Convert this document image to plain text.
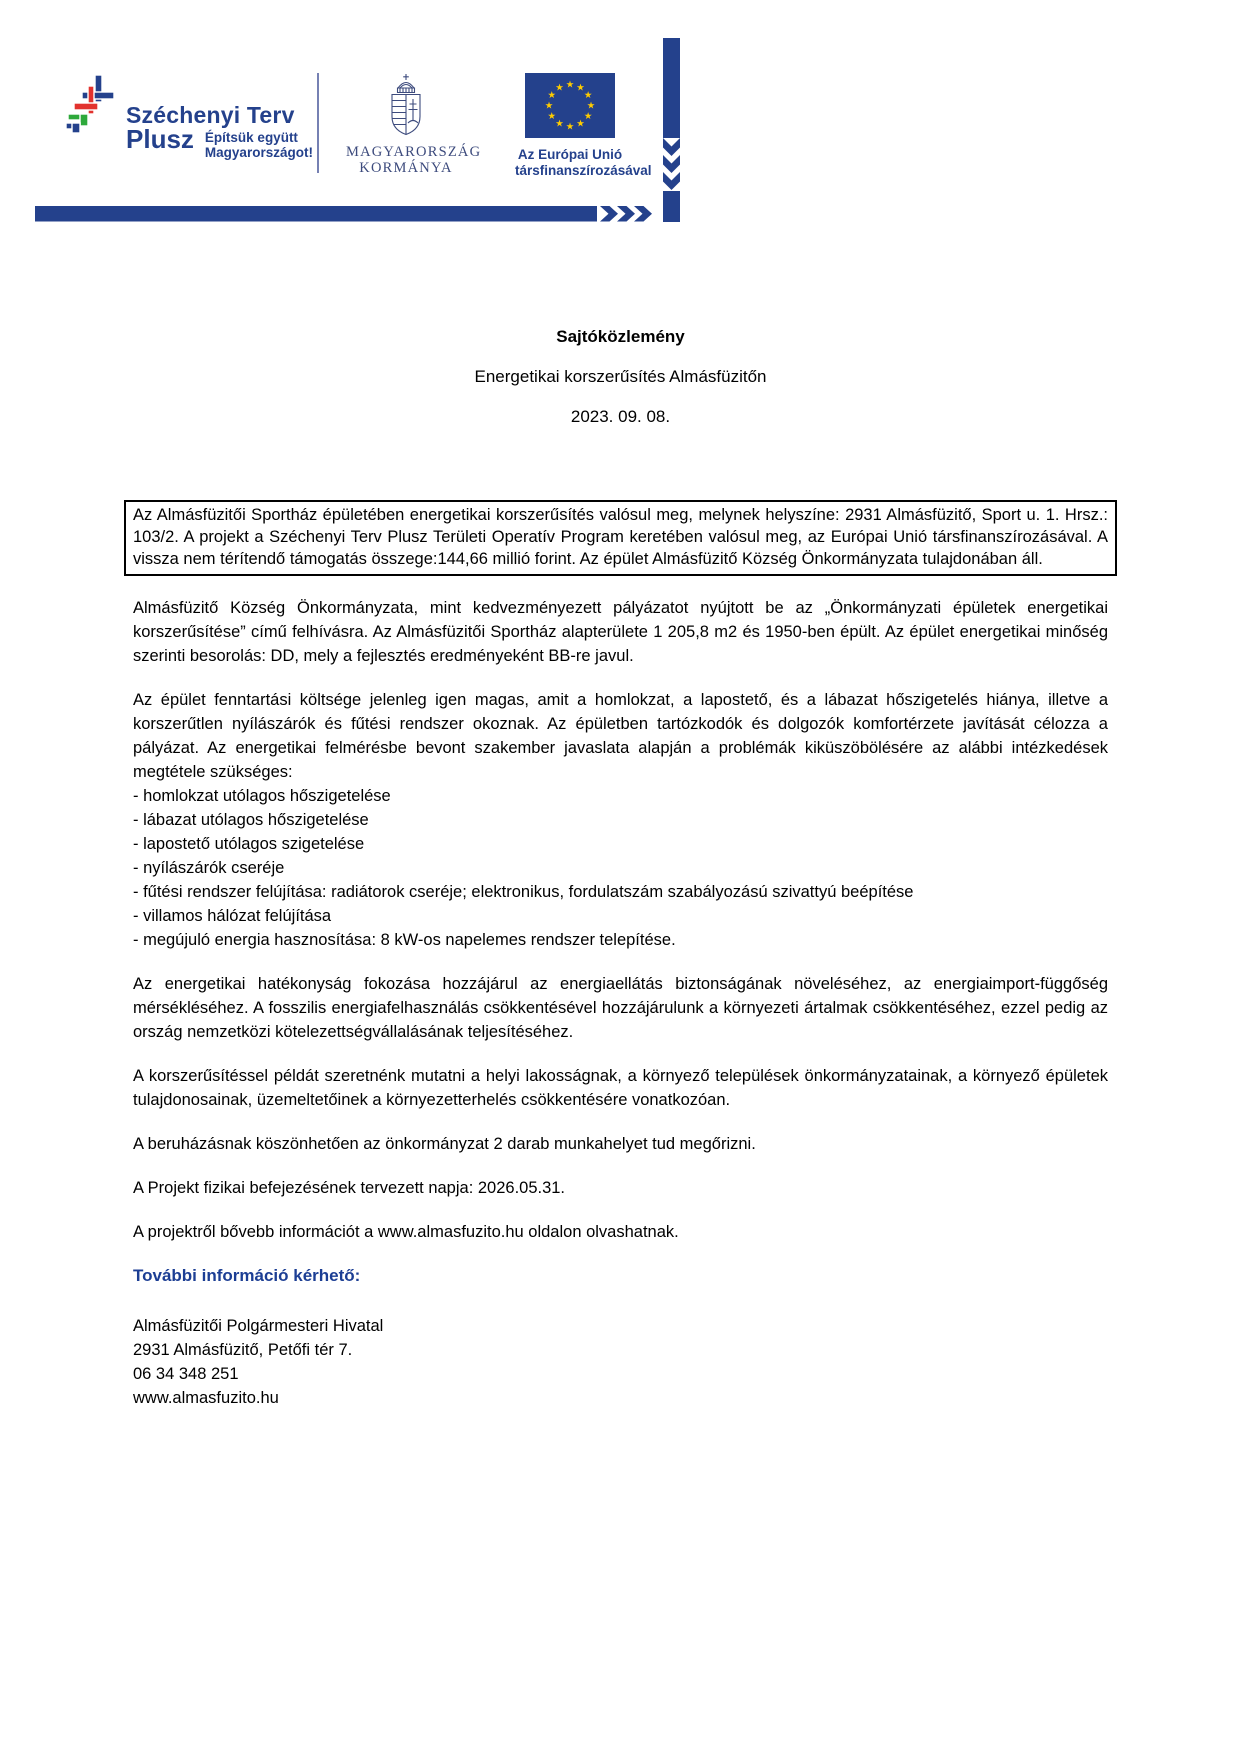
Széchenyi Terv
Plusz Építsük együtt
Magyarországot! MAGYARORSZÁG
KORMÁNYA
★ ★
★
★
★
★
★
★
★
★
★
★
Az Európai Unió
társfinanszírozásával
Sajtóközlemény
Energetikai korszerűsítés Almásfüzitőn
2023. 09. 08.
Az Almásfüzitői Sportház épületében energetikai korszerűsítés valósul meg, melynek helyszíne: 2931 Almásfüzitő, Sport u. 1. Hrsz.: 103/2. A projekt a Széchenyi Terv Plusz Területi Operatív Program keretében valósul meg, az Európai Unió társfinanszírozásával. A vissza nem térítendő támogatás összege:144,66 millió forint. Az épület Almásfüzitő Község Önkormányzata tulajdonában áll.
Almásfüzitő Község Önkormányzata, mint kedvezményezett pályázatot nyújtott be az „Önkormányzati épületek energetikai korszerűsítése” című felhívásra. Az Almásfüzitői Sportház alapterülete 1 205,8 m2 és 1950-ben épült. Az épület energetikai minőség szerinti besorolás: DD, mely a fejlesztés eredményeként BB-re javul.
Az épület fenntartási költsége jelenleg igen magas, amit a homlokzat, a lapostető, és a lábazat hőszigetelés hiánya, illetve a korszerűtlen nyílászárók és fűtési rendszer okoznak. Az épületben tartózkodók és dolgozók komfortérzete javítását célozza a pályázat. Az energetikai felmérésbe bevont szakember javaslata alapján a problémák kiküszöbölésére az alábbi intézkedések megtétele szükséges:
- homlokzat utólagos hőszigetelése
- lábazat utólagos hőszigetelése
- lapostető utólagos szigetelése
- nyílászárók cseréje
- fűtési rendszer felújítása: radiátorok cseréje; elektronikus, fordulatszám szabályozású szivattyú beépítése
- villamos hálózat felújítása
- megújuló energia hasznosítása: 8 kW-os napelemes rendszer telepítése.
Az energetikai hatékonyság fokozása hozzájárul az energiaellátás biztonságának növeléséhez, az energiaimport-függőség mérsékléséhez. A fosszilis energiafelhasználás csökkentésével hozzájárulunk a környezeti ártalmak csökkentéséhez, ezzel pedig az ország nemzetközi kötelezettségvállalásának teljesítéséhez.
A korszerűsítéssel példát szeretnénk mutatni a helyi lakosságnak, a környező települések önkormányzatainak, a környező épületek tulajdonosainak, üzemeltetőinek a környezetterhelés csökkentésére vonatkozóan.
A beruházásnak köszönhetően az önkormányzat 2 darab munkahelyet tud megőrizni.
A Projekt fizikai befejezésének tervezett napja: 2026.05.31.
A projektről bővebb információt a www.almasfuzito.hu oldalon olvashatnak.
További információ kérhető:
Almásfüzitői Polgármesteri Hivatal
2931 Almásfüzitő, Petőfi tér 7.
06 34 348 251
www.almasfuzito.hu
